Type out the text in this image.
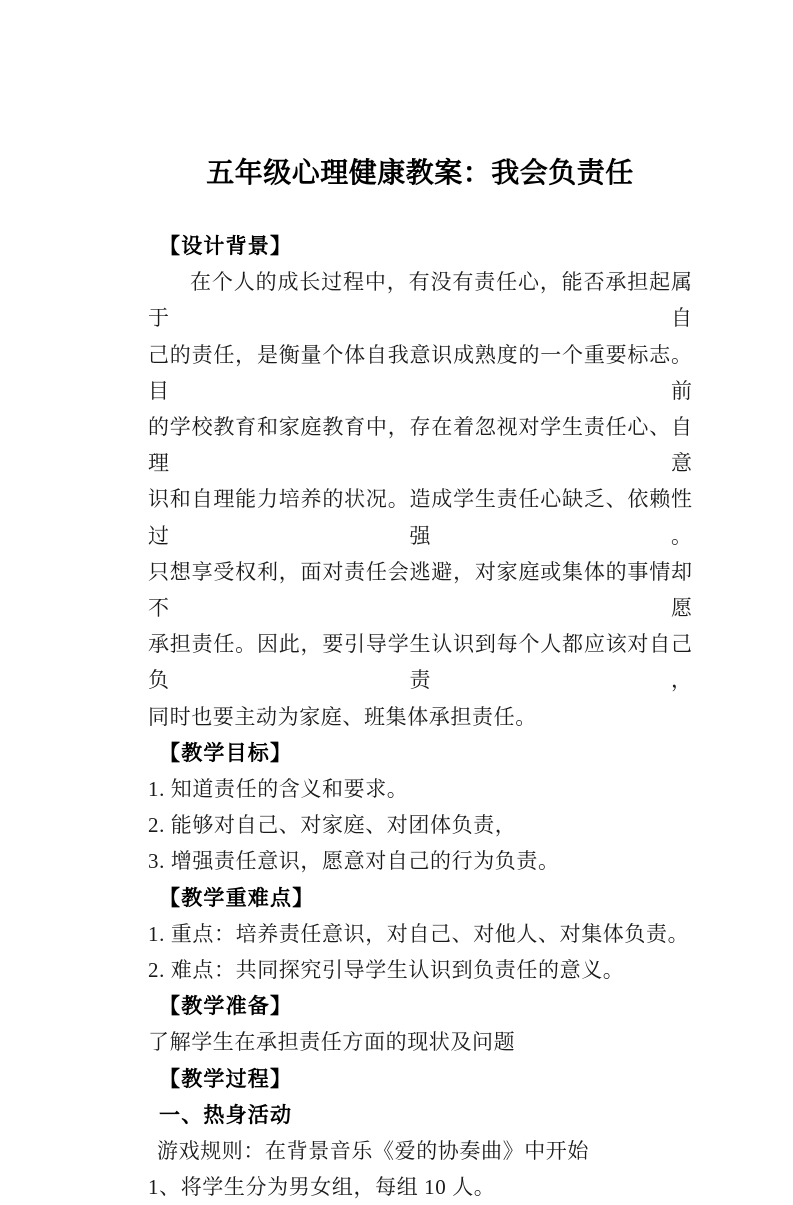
五年级心理健康教案：我会负责任
【设计背景】
在个人的成长过程中，有没有责任心，能否承担起属于自
己的责任，是衡量个体自我意识成熟度的一个重要标志。目前
的学校教育和家庭教育中，存在着忽视对学生责任心、自理意
识和自理能力培养的状况。造成学生责任心缺乏、依赖性过强。
只想享受权利，面对责任会逃避，对家庭或集体的事情却不愿
承担责任。因此，要引导学生认识到每个人都应该对自己负责，
同时也要主动为家庭、班集体承担责任。
【教学目标】
1. 知道责任的含义和要求。
2. 能够对自己、对家庭、对团体负责，
3. 增强责任意识，愿意对自己的行为负责。
【教学重难点】
1. 重点：培养责任意识，对自己、对他人、对集体负责。
2. 难点：共同探究引导学生认识到负责任的意义。
【教学准备】
了解学生在承担责任方面的现状及问题
【教学过程】
一、热身活动
游戏规则：在背景音乐《爱的协奏曲》中开始
1、将学生分为男女组，每组 10 人。
